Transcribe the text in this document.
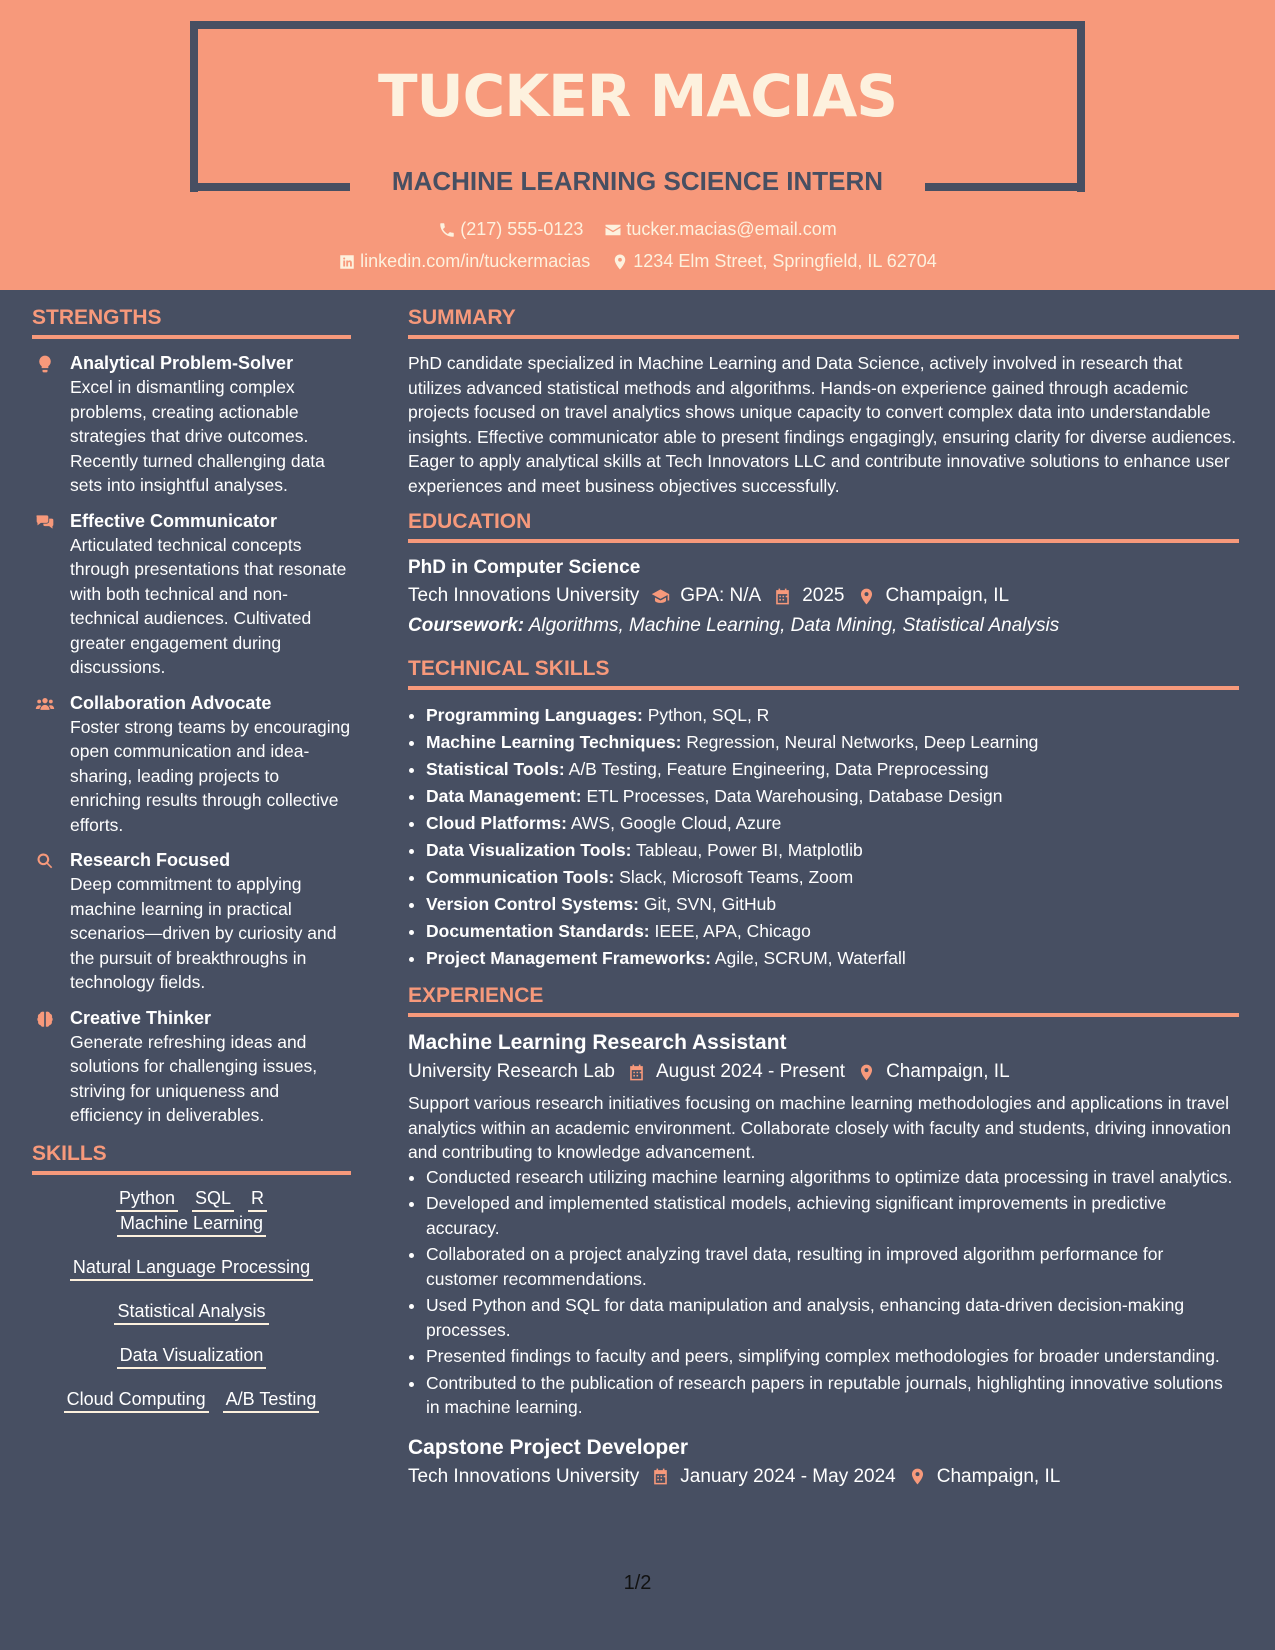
TUCKER MACIAS
MACHINE LEARNING SCIENCE INTERN
(217) 555-0123
tucker.macias@email.com
linkedin.com/in/tuckermacias
1234 Elm Street, Springfield, IL 62704
STRENGTHS
Analytical Problem-Solver
Excel in dismantling complex problems, creating actionable strategies that drive outcomes. Recently turned challenging data sets into insightful analyses.
Effective Communicator
Articulated technical concepts through presentations that resonate with both technical and non-technical audiences. Cultivated greater engagement during discussions.
Collaboration Advocate
Foster strong teams by encouraging open communication and idea-sharing, leading projects to enriching results through collective efforts.
Research Focused
Deep commitment to applying machine learning in practical scenarios—driven by curiosity and the pursuit of breakthroughs in technology fields.
Creative Thinker
Generate refreshing ideas and solutions for challenging issues, striving for uniqueness and efficiency in deliverables.
SKILLS
Python SQL RMachine Learning
Natural Language Processing
Statistical Analysis
Data Visualization
Cloud Computing A/B Testing
SUMMARY
PhD candidate specialized in Machine Learning and Data Science, actively involved in research that utilizes advanced statistical methods and algorithms. Hands-on experience gained through academic projects focused on travel analytics shows unique capacity to convert complex data into understandable insights. Effective communicator able to present findings engagingly, ensuring clarity for diverse audiences. Eager to apply analytical skills at Tech Innovators LLC and contribute innovative solutions to enhance user experiences and meet business objectives successfully.
EDUCATION
PhD in Computer Science
Tech Innovations University GPA: N/A 2025 Champaign, IL
Coursework: Algorithms, Machine Learning, Data Mining, Statistical Analysis
TECHNICAL SKILLS
• Programming Languages: Python, SQL, R
• Machine Learning Techniques: Regression, Neural Networks, Deep Learning
• Statistical Tools: A/B Testing, Feature Engineering, Data Preprocessing
• Data Management: ETL Processes, Data Warehousing, Database Design
• Cloud Platforms: AWS, Google Cloud, Azure
• Data Visualization Tools: Tableau, Power BI, Matplotlib
• Communication Tools: Slack, Microsoft Teams, Zoom
• Version Control Systems: Git, SVN, GitHub
• Documentation Standards: IEEE, APA, Chicago
• Project Management Frameworks: Agile, SCRUM, Waterfall
EXPERIENCE
Machine Learning Research Assistant
University Research Lab August 2024 - Present Champaign, IL
Support various research initiatives focusing on machine learning methodologies and applications in travel analytics within an academic environment. Collaborate closely with faculty and students, driving innovation and contributing to knowledge advancement.
• Conducted research utilizing machine learning algorithms to optimize data processing in travel analytics.
• Developed and implemented statistical models, achieving significant improvements in predictive accuracy.
• Collaborated on a project analyzing travel data, resulting in improved algorithm performance for customer recommendations.
• Used Python and SQL for data manipulation and analysis, enhancing data-driven decision-making processes.
• Presented findings to faculty and peers, simplifying complex methodologies for broader understanding.
• Contributed to the publication of research papers in reputable journals, highlighting innovative solutions in machine learning.
Capstone Project Developer
Tech Innovations University January 2024 - May 2024 Champaign, IL
1/2
